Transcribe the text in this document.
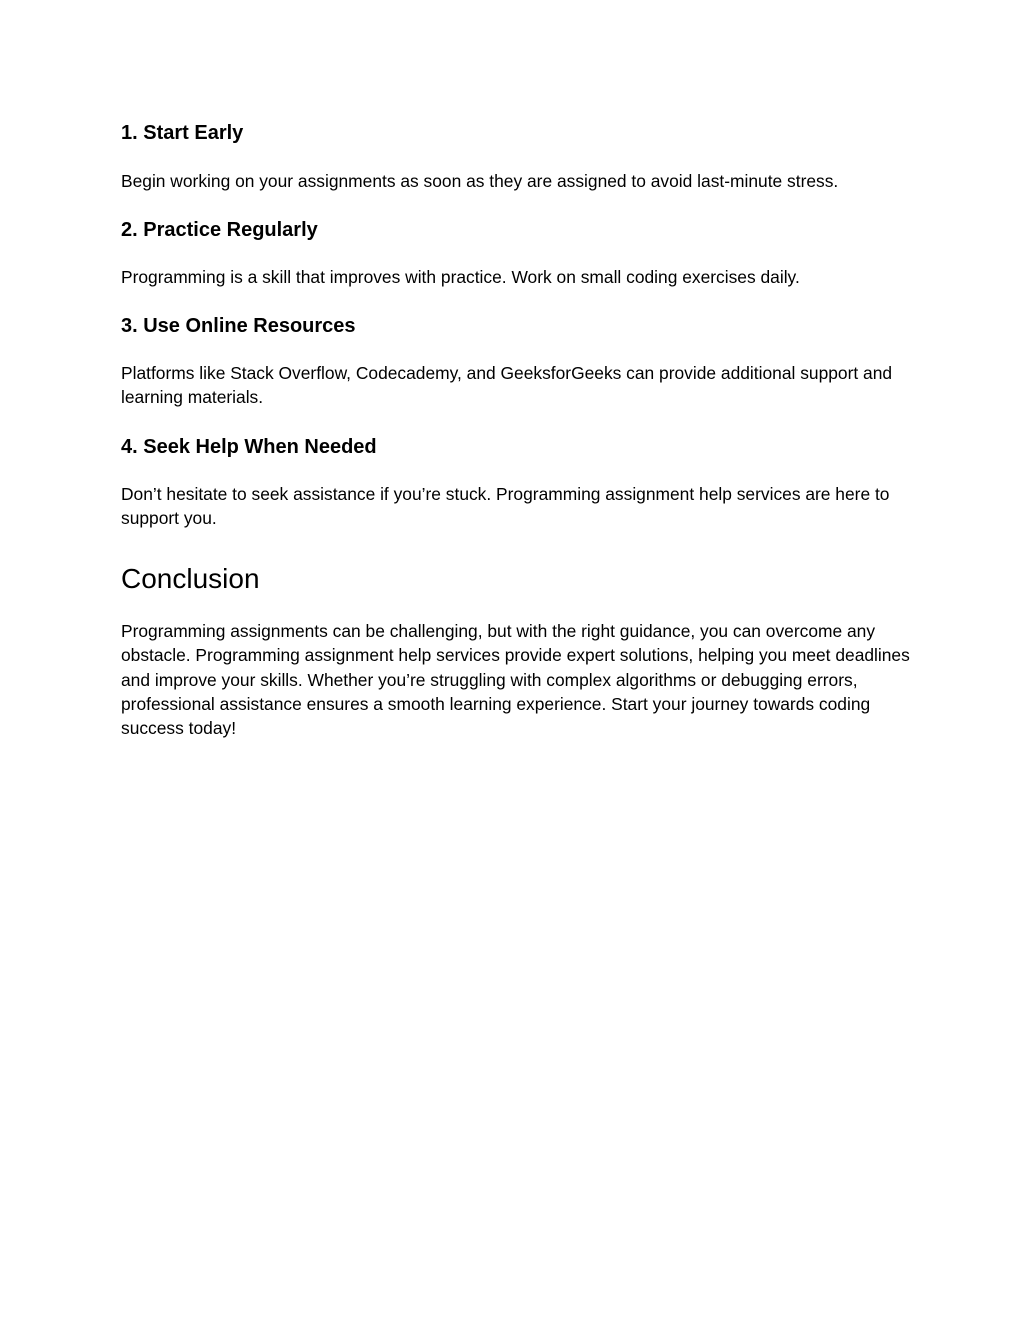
1. Start Early

Begin working on your assignments as soon as they are assigned to avoid last-minute stress.

2. Practice Regularly

Programming is a skill that improves with practice. Work on small coding exercises daily.

3. Use Online Resources

Platforms like Stack Overflow, Codecademy, and GeeksforGeeks can provide additional support and learning materials.

4. Seek Help When Needed

Don’t hesitate to seek assistance if you’re stuck. Programming assignment help services are here to support you.

Conclusion

Programming assignments can be challenging, but with the right guidance, you can overcome any obstacle. Programming assignment help services provide expert solutions, helping you meet deadlines and improve your skills. Whether you’re struggling with complex algorithms or debugging errors, professional assistance ensures a smooth learning experience. Start your journey towards coding success today!
